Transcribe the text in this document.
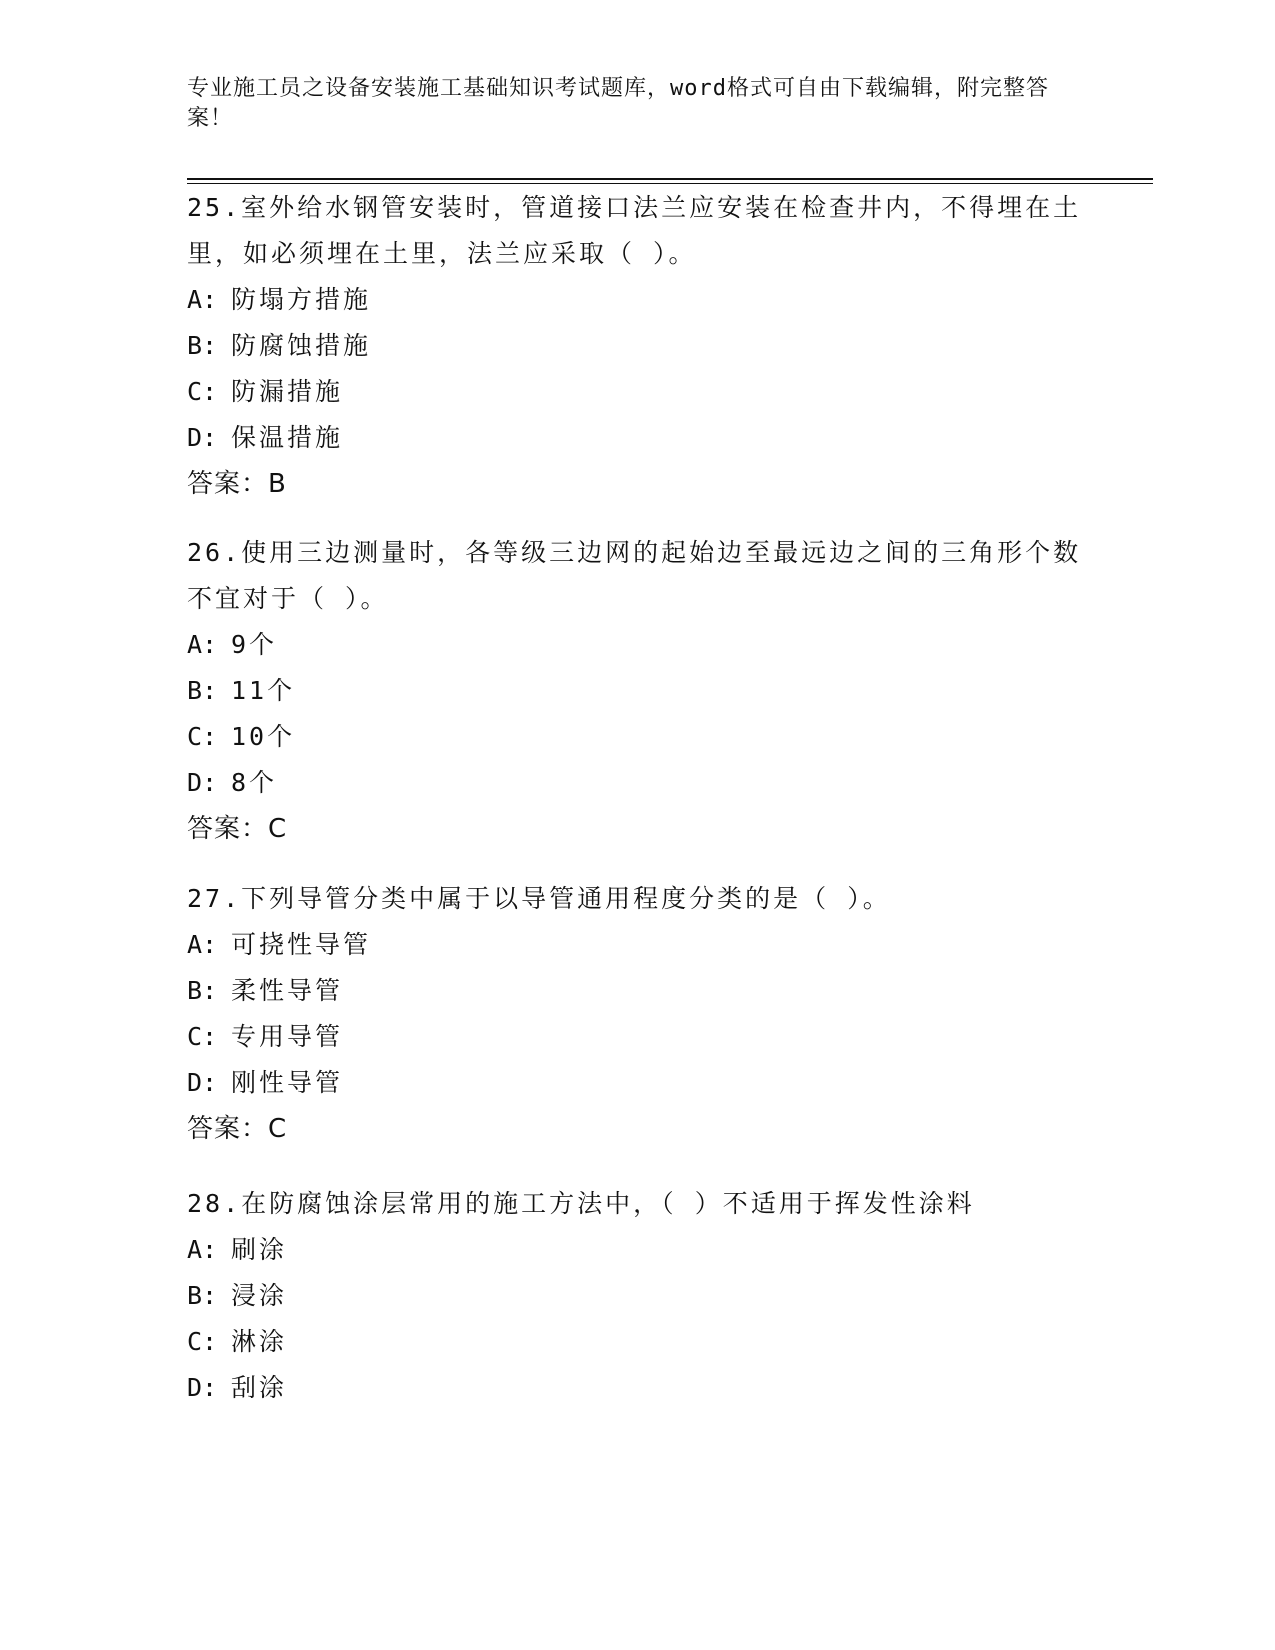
专业施工员之设备安装施工基础知识考试题库，word格式可自由下载编辑，附完整答案！

25.室外给水钢管安装时，管道接口法兰应安装在检查井内，不得埋在土里，如必须埋在土里，法兰应采取（ ）。

A: 防塌方措施

B: 防腐蚀措施

C: 防漏措施

D: 保温措施

答案：B

26.使用三边测量时，各等级三边网的起始边至最远边之间的三角形个数不宜对于（ ）。

A: 9个

B: 11个

C: 10个

D: 8个

答案：C

27.下列导管分类中属于以导管通用程度分类的是（ ）。

A: 可挠性导管

B: 柔性导管

C: 专用导管

D: 刚性导管

答案：C

28.在防腐蚀涂层常用的施工方法中，（ ）不适用于挥发性涂料

A: 刷涂

B: 浸涂

C: 淋涂

D: 刮涂
